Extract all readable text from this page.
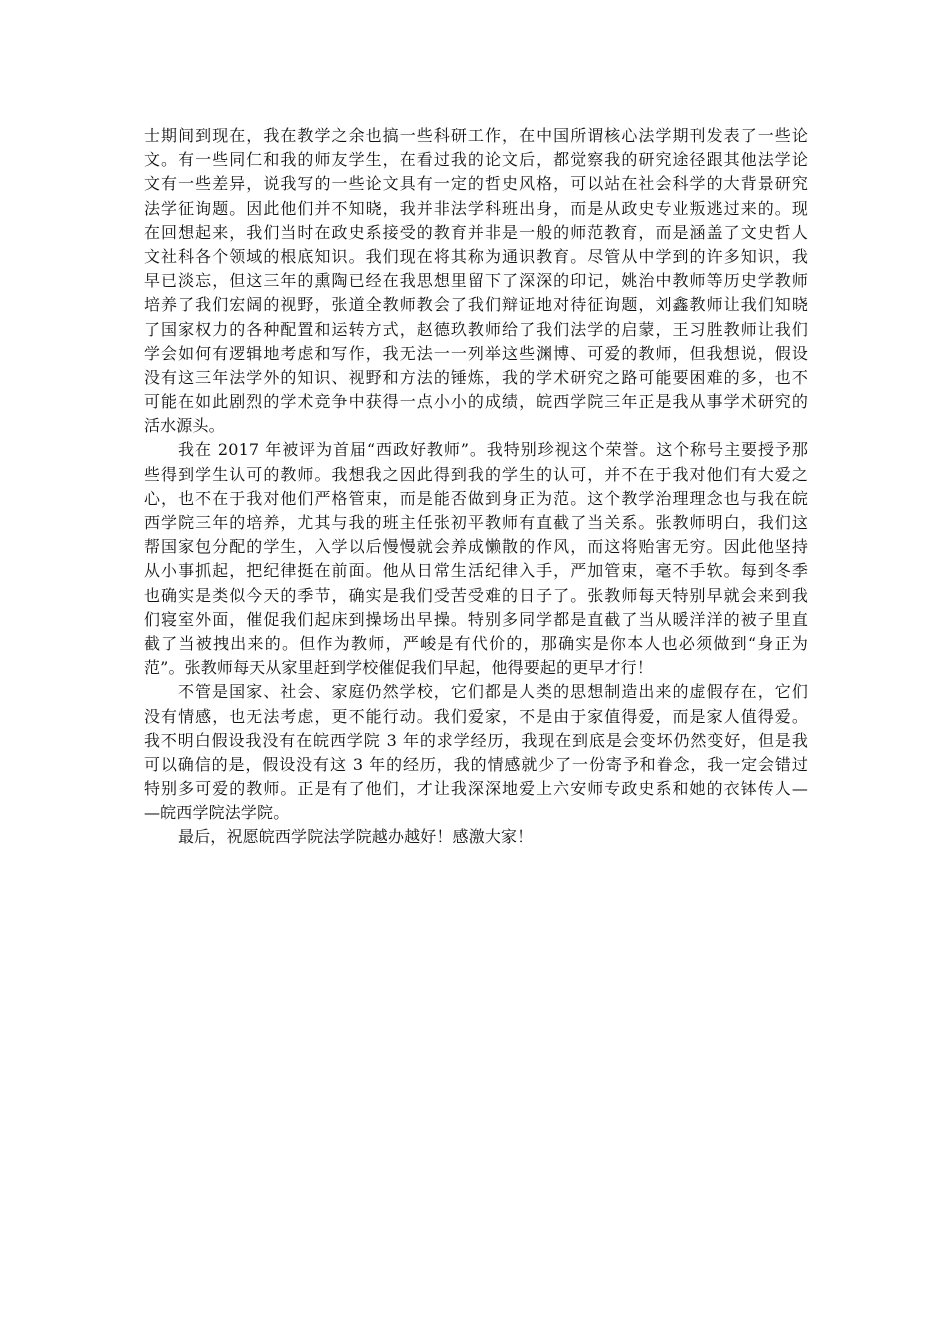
士期间到现在，我在教学之余也搞一些科研工作，在中国所谓核心法学期刊发表了一些论
文。有一些同仁和我的师友学生，在看过我的论文后，都觉察我的研究途径跟其他法学论
文有一些差异，说我写的一些论文具有一定的哲史风格，可以站在社会科学的大背景研究
法学征询题。因此他们并不知晓，我并非法学科班出身，而是从政史专业叛逃过来的。现
在回想起来，我们当时在政史系接受的教育并非是一般的师范教育，而是涵盖了文史哲人
文社科各个领域的根底知识。我们现在将其称为通识教育。尽管从中学到的许多知识，我
早已淡忘，但这三年的熏陶已经在我思想里留下了深深的印记，姚治中教师等历史学教师
培养了我们宏阔的视野，张道全教师教会了我们辩证地对待征询题，刘鑫教师让我们知晓
了国家权力的各种配置和运转方式，赵德玖教师给了我们法学的启蒙，王习胜教师让我们
学会如何有逻辑地考虑和写作，我无法一一列举这些渊博、可爱的教师，但我想说，假设
没有这三年法学外的知识、视野和方法的锤炼，我的学术研究之路可能要困难的多，也不
可能在如此剧烈的学术竞争中获得一点小小的成绩，皖西学院三年正是我从事学术研究的
活水源头。
我在 2017 年被评为首届“西政好教师”。我特别珍视这个荣誉。这个称号主要授予那
些得到学生认可的教师。我想我之因此得到我的学生的认可，并不在于我对他们有大爱之
心，也不在于我对他们严格管束，而是能否做到身正为范。这个教学治理理念也与我在皖
西学院三年的培养，尤其与我的班主任张初平教师有直截了当关系。张教师明白，我们这
帮国家包分配的学生，入学以后慢慢就会养成懒散的作风，而这将贻害无穷。因此他坚持
从小事抓起，把纪律挺在前面。他从日常生活纪律入手，严加管束，毫不手软。每到冬季
也确实是类似今天的季节，确实是我们受苦受难的日子了。张教师每天特别早就会来到我
们寝室外面，催促我们起床到操场出早操。特别多同学都是直截了当从暖洋洋的被子里直
截了当被拽出来的。但作为教师，严峻是有代价的，那确实是你本人也必须做到“身正为
范”。张教师每天从家里赶到学校催促我们早起，他得要起的更早才行！
不管是国家、社会、家庭仍然学校，它们都是人类的思想制造出来的虚假存在，它们
没有情感，也无法考虑，更不能行动。我们爱家，不是由于家值得爱，而是家人值得爱。
我不明白假设我没有在皖西学院 3 年的求学经历，我现在到底是会变坏仍然变好，但是我
可以确信的是，假设没有这 3 年的经历，我的情感就少了一份寄予和眷念，我一定会错过
特别多可爱的教师。正是有了他们，才让我深深地爱上六安师专政史系和她的衣钵传人—
—皖西学院法学院。
最后，祝愿皖西学院法学院越办越好！感激大家！
